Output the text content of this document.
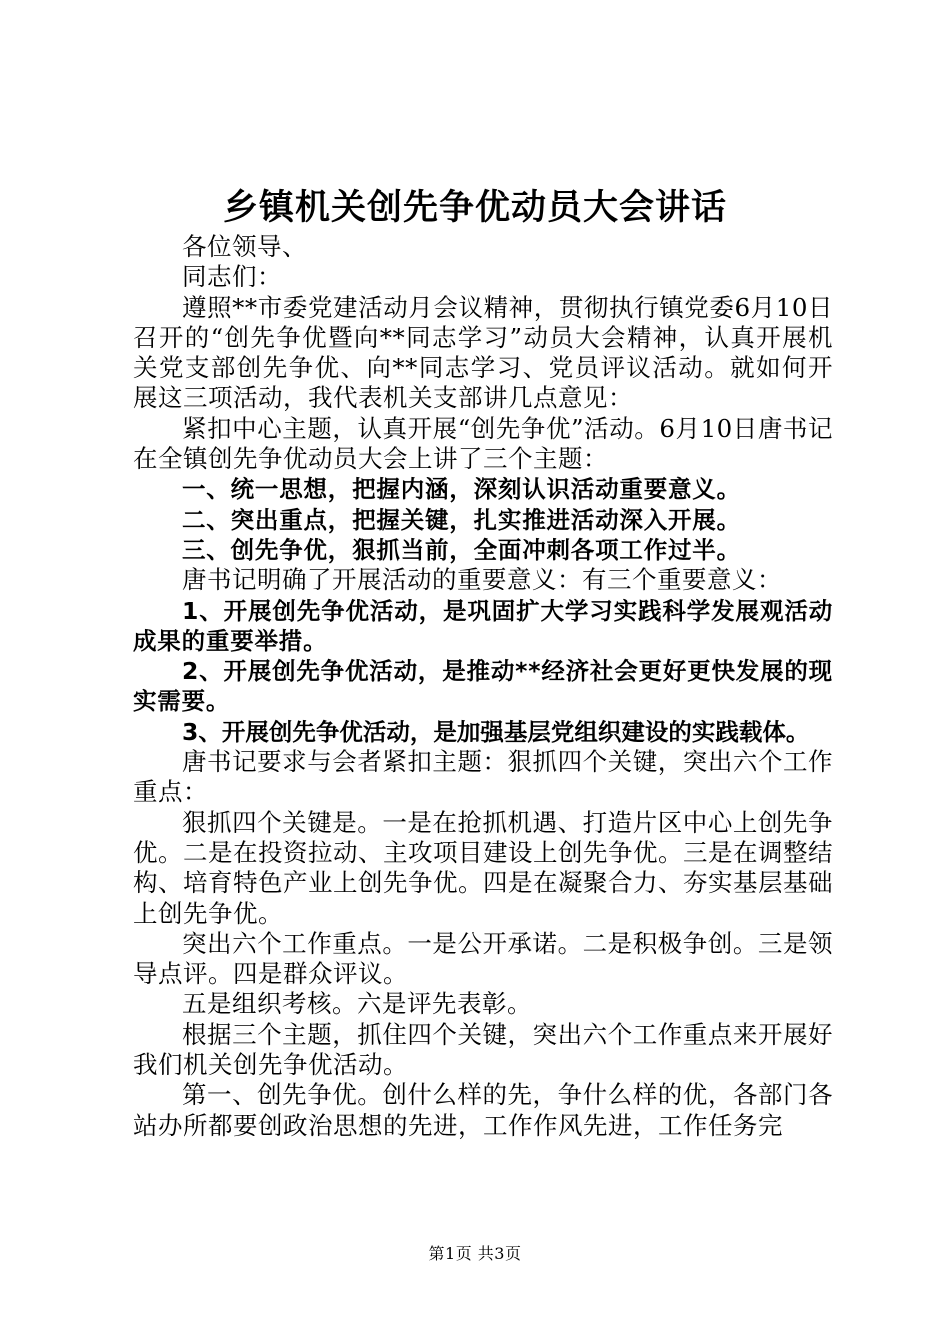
乡镇机关创先争优动员大会讲话

各位领导、

同志们：

遵照**市委党建活动月会议精神，贯彻执行镇党委6月10日召开的“创先争优暨向**同志学习”动员大会精神，认真开展机关党支部创先争优、向**同志学习、党员评议活动。就如何开展这三项活动，我代表机关支部讲几点意见：

紧扣中心主题，认真开展“创先争优”活动。6月10日唐书记在全镇创先争优动员大会上讲了三个主题：

一、统一思想，把握内涵，深刻认识活动重要意义。

二、突出重点，把握关键，扎实推进活动深入开展。

三、创先争优，狠抓当前，全面冲刺各项工作过半。

唐书记明确了开展活动的重要意义：有三个重要意义：

1、开展创先争优活动，是巩固扩大学习实践科学发展观活动成果的重要举措。

2、开展创先争优活动，是推动**经济社会更好更快发展的现实需要。

3、开展创先争优活动，是加强基层党组织建设的实践载体。

唐书记要求与会者紧扣主题：狠抓四个关键，突出六个工作重点：

狠抓四个关键是。一是在抢抓机遇、打造片区中心上创先争优。二是在投资拉动、主攻项目建设上创先争优。三是在调整结构、培育特色产业上创先争优。四是在凝聚合力、夯实基层基础上创先争优。

突出六个工作重点。一是公开承诺。二是积极争创。三是领导点评。四是群众评议。

五是组织考核。六是评先表彰。

根据三个主题，抓住四个关键，突出六个工作重点来开展好我们机关创先争优活动。

第一、创先争优。创什么样的先，争什么样的优，各部门各站办所都要创政治思想的先进，工作作风先进，工作任务完

第1页 共3页
